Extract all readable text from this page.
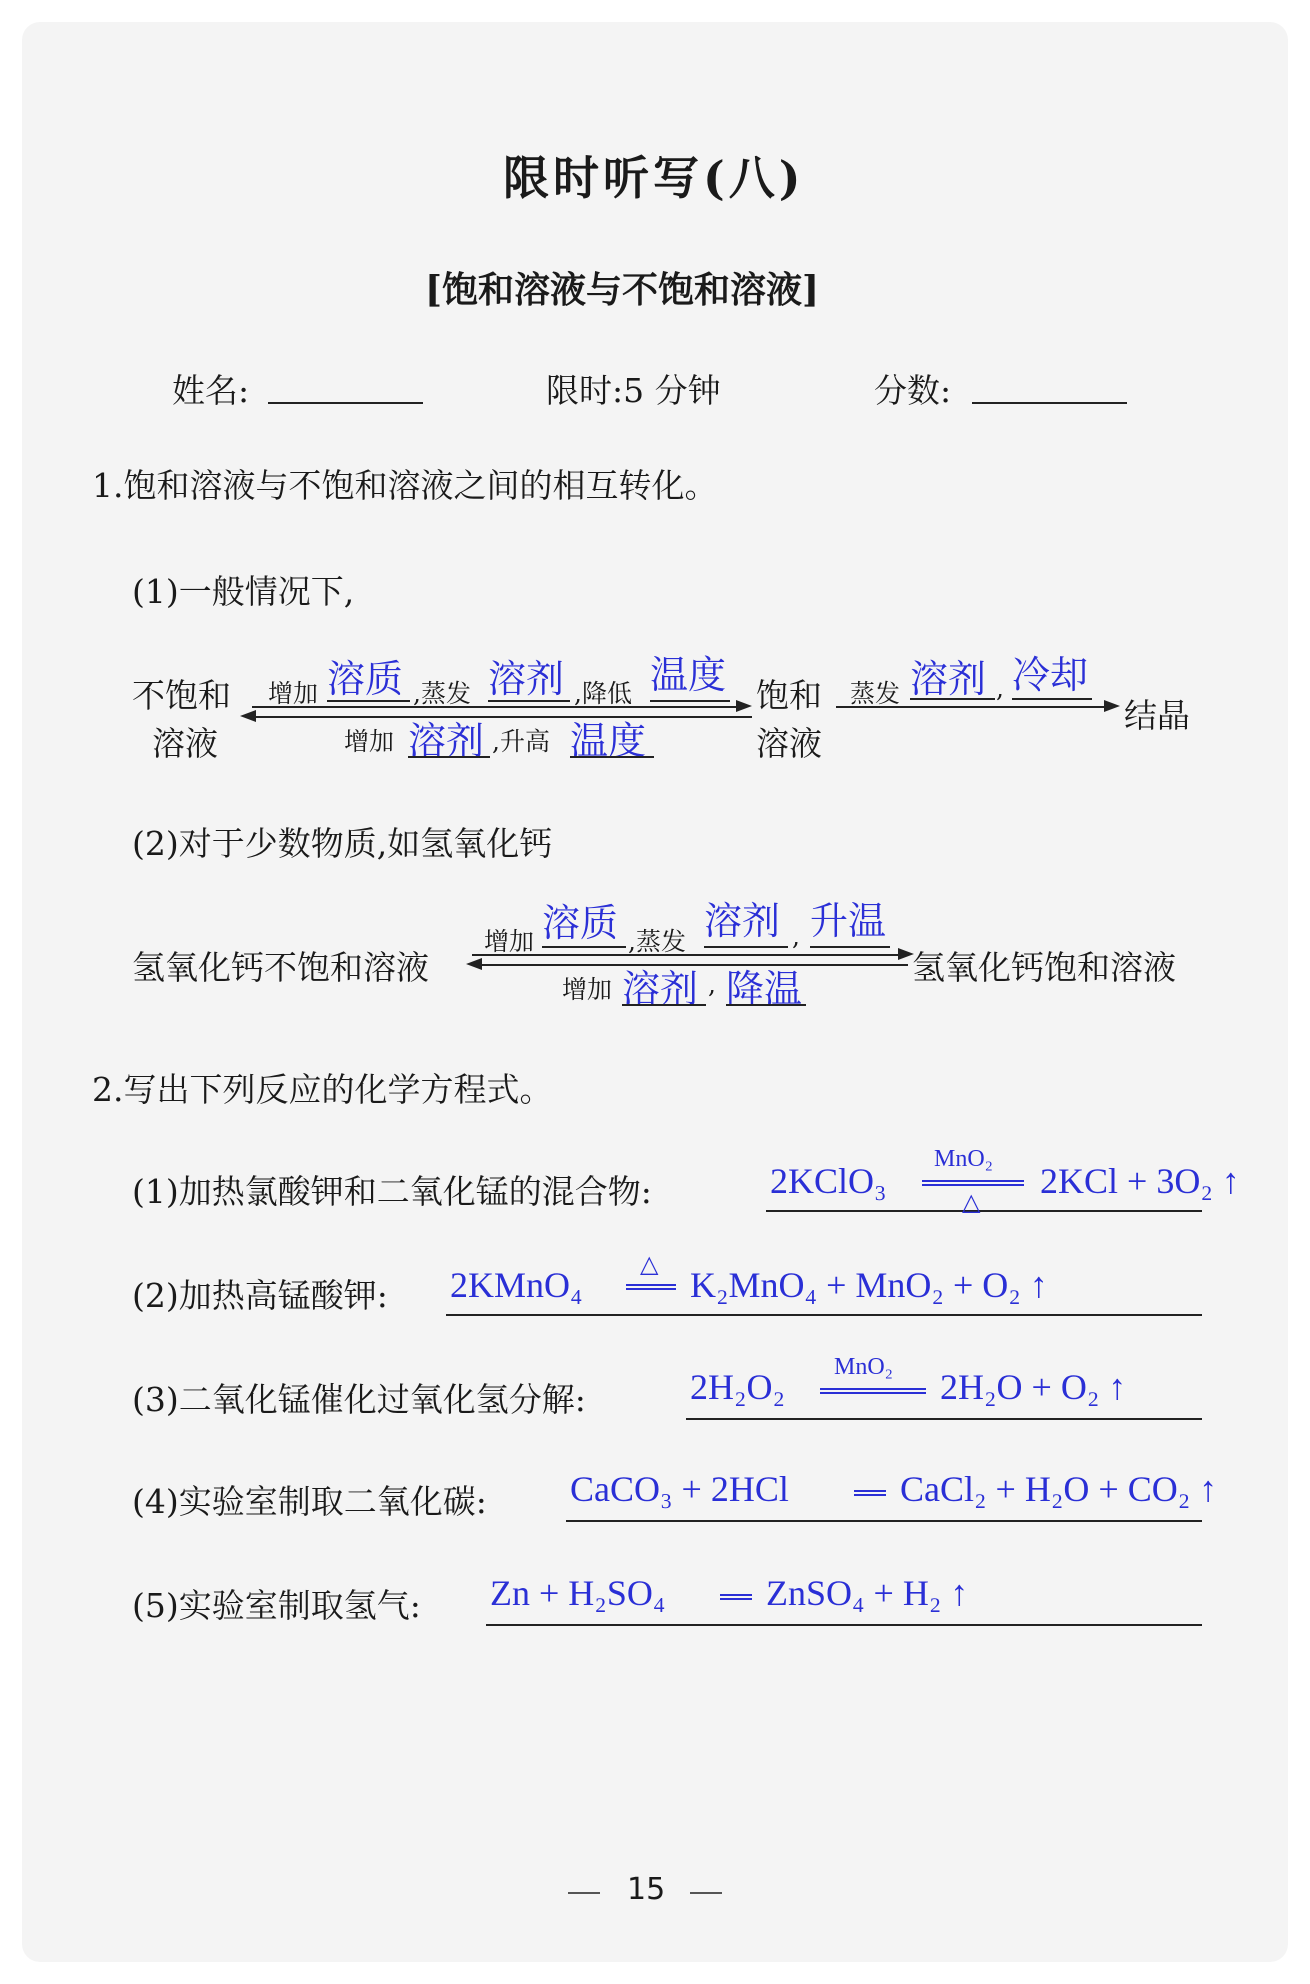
限时听写(八)
[饱和溶液与不饱和溶液]
姓名:	限时:5 分钟	分数:
1.饱和溶液与不饱和溶液之间的相互转化。
(1)一般情况下,
不饱和
溶液
增加 溶质 ,蒸发 溶剂 ,降低 温度
增加 溶剂 ,升高 温度
饱和
溶液
蒸发 溶剂 , 冷却
结晶
(2)对于少数物质,如氢氧化钙
氢氧化钙不饱和溶液
增加 溶质 ,蒸发 溶剂 , 升温
增加 溶剂 , 降温	氢氧化钙饱和溶液
2.写出下列反应的化学方程式。
(1)加热氯酸钾和二氧化锰的混合物:	2KClO₃
MnO₂
△
2KCl + 3O₂ ↑
(2)加热高锰酸钾: 2KMnO₄ △ K₂MnO₄ + MnO₂ + O₂ ↑
(3)二氧化锰催化过氧化氢分解:	2H₂O₂ MnO₂ 2H₂O + O₂ ↑
(4)实验室制取二氧化碳: CaCO₃ + 2HCl	CaCl₂ + H₂O + CO₂ ↑
(5)实验室制取氢气: Zn + H₂SO₄	ZnSO₄ + H₂ ↑
15
